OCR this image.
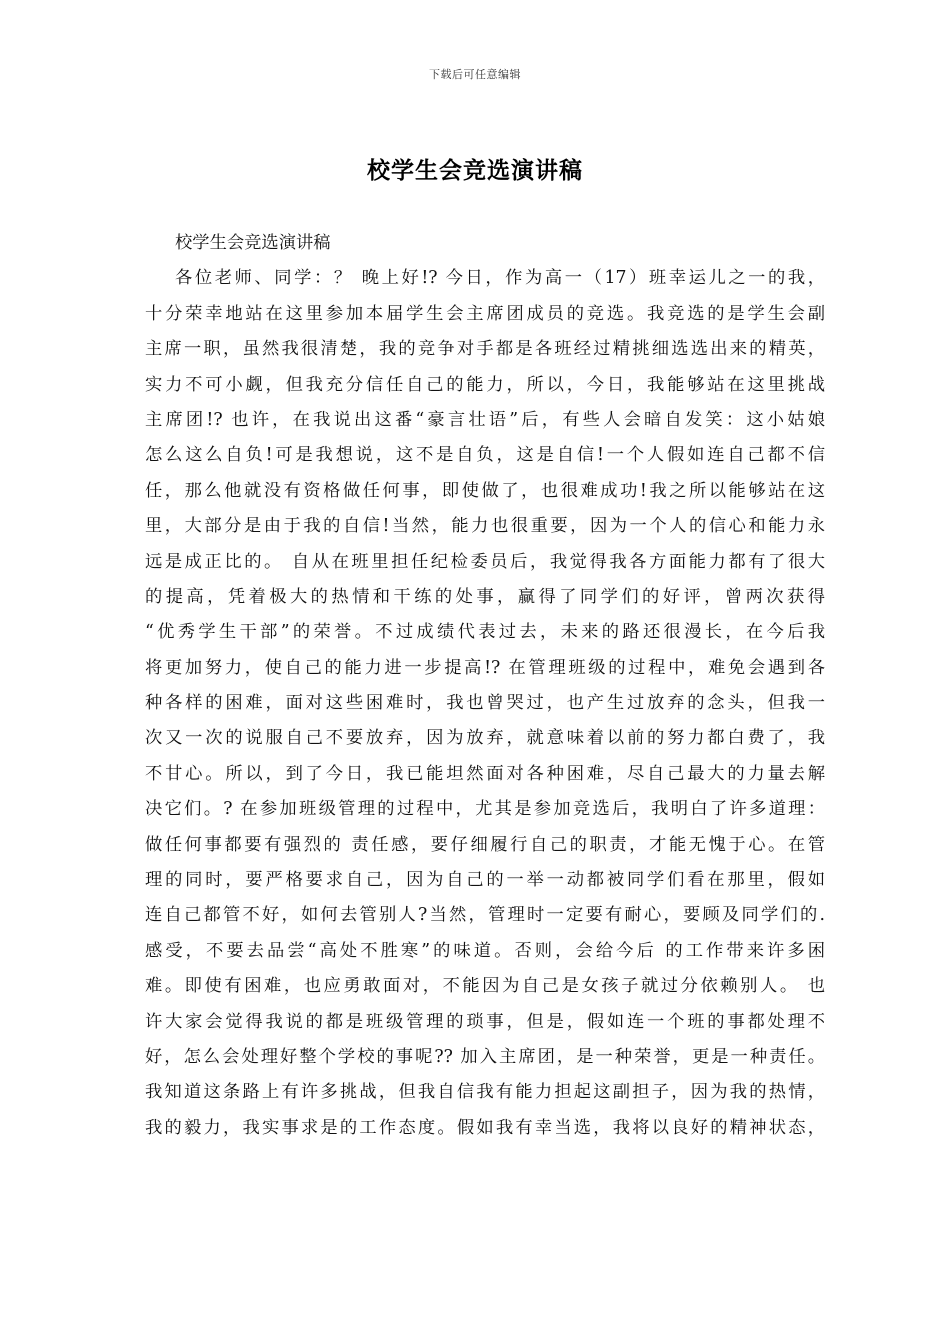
下载后可任意编辑
校学生会竞选演讲稿
校学生会竞选演讲稿
各位老师、同学：？ 晚上好!? 今日，作为高一（17）班幸运儿之一的我，
十分荣幸地站在这里参加本届学生会主席团成员的竞选。我竞选的是学生会副
主席一职，虽然我很清楚，我的竞争对手都是各班经过精挑细选选出来的精英，
实力不可小觑，但我充分信任自己的能力，所以，今日，我能够站在这里挑战
主席团!? 也许，在我说出这番“豪言壮语”后，有些人会暗自发笑：这小姑娘
怎么这么自负!可是我想说，这不是自负，这是自信!一个人假如连自己都不信
任，那么他就没有资格做任何事，即使做了，也很难成功!我之所以能够站在这
里，大部分是由于我的自信!当然，能力也很重要，因为一个人的信心和能力永
远是成正比的。 自从在班里担任纪检委员后，我觉得我各方面能力都有了很大
的提高，凭着极大的热情和干练的处事，赢得了同学们的好评，曾两次获得
“优秀学生干部”的荣誉。不过成绩代表过去，未来的路还很漫长，在今后我
将更加努力，使自己的能力进一步提高!? 在管理班级的过程中，难免会遇到各
种各样的困难，面对这些困难时，我也曾哭过，也产生过放弃的念头，但我一
次又一次的说服自己不要放弃，因为放弃，就意味着以前的努力都白费了，我
不甘心。所以，到了今日，我已能坦然面对各种困难，尽自己最大的力量去解
决它们。? 在参加班级管理的过程中，尤其是参加竞选后，我明白了许多道理：
做任何事都要有强烈的 责任感，要仔细履行自己的职责，才能无愧于心。在管
理的同时，要严格要求自己，因为自己的一举一动都被同学们看在那里，假如
连自己都管不好，如何去管别人?当然，管理时一定要有耐心，要顾及同学们的.
感受，不要去品尝“高处不胜寒”的味道。否则，会给今后 的工作带来许多困
难。即使有困难，也应勇敢面对，不能因为自己是女孩子就过分依赖别人。 也
许大家会觉得我说的都是班级管理的琐事，但是，假如连一个班的事都处理不
好，怎么会处理好整个学校的事呢?? 加入主席团，是一种荣誉，更是一种责任。
我知道这条路上有许多挑战，但我自信我有能力担起这副担子，因为我的热情，
我的毅力，我实事求是的工作态度。假如我有幸当选，我将以良好的精神状态，
